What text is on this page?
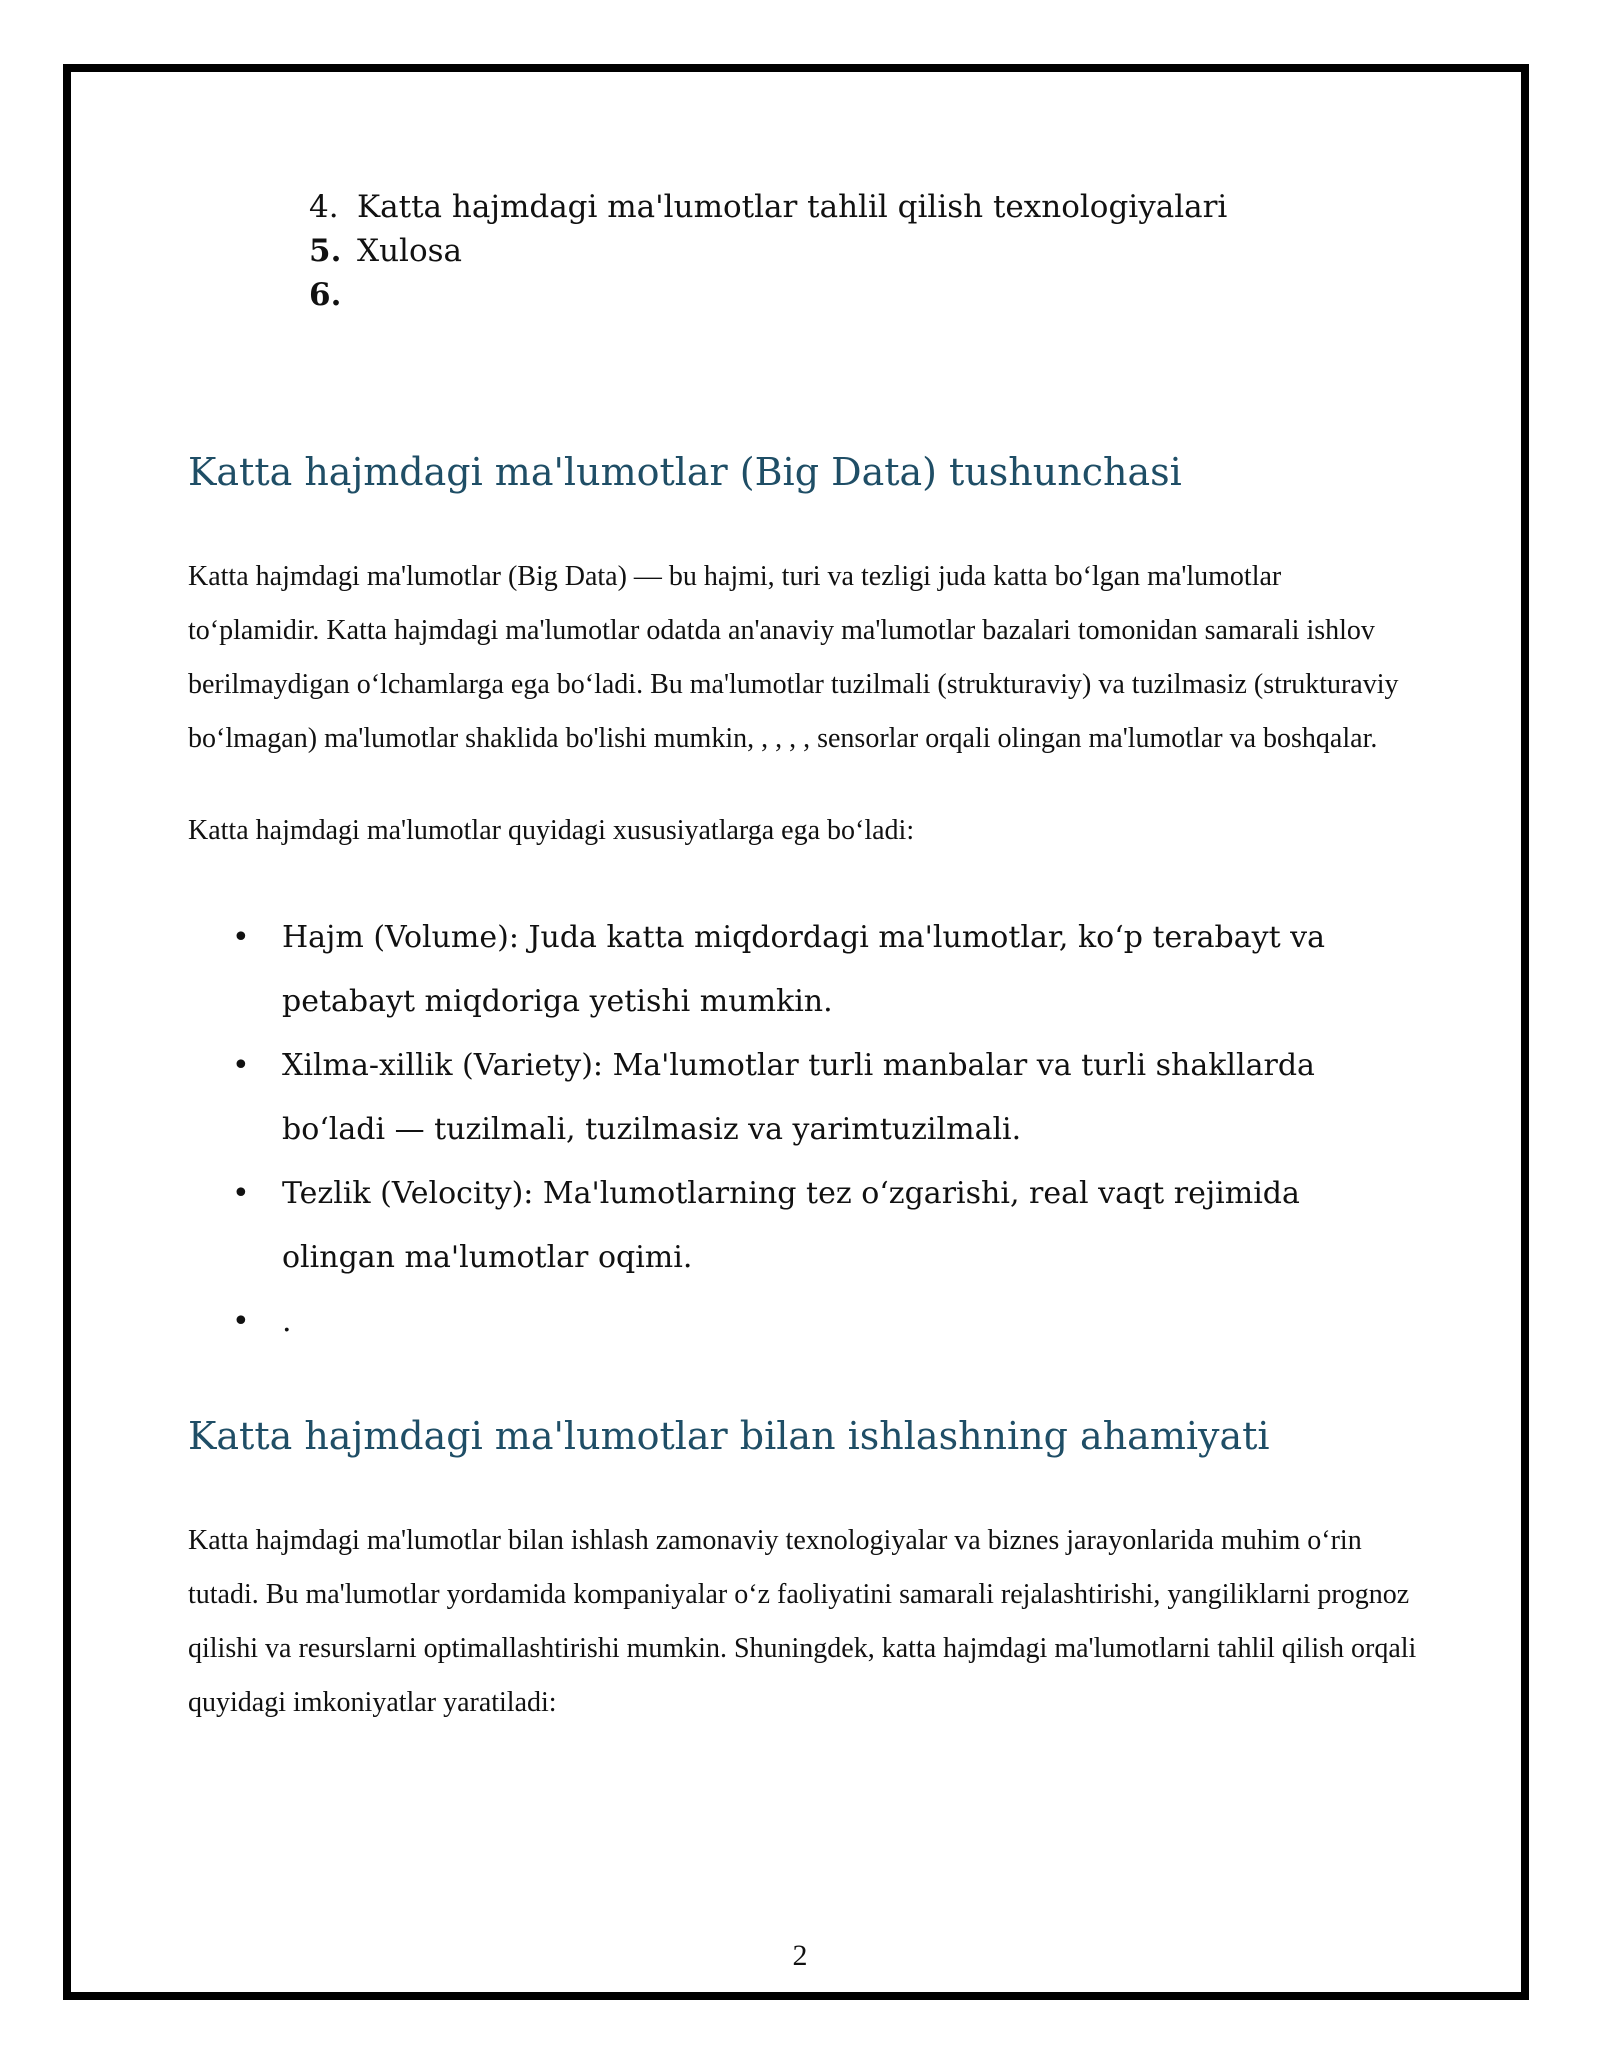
4. Katta hajmdagi ma'lumotlar tahlil qilish texnologiyalari
5. Xulosa
6.
Katta hajmdagi ma'lumotlar (Big Data) tushunchasi

Katta hajmdagi ma'lumotlar (Big Data) — bu hajmi, turi va tezligi juda katta bo‘lgan ma'lumotlar to‘plamidir. Katta hajmdagi ma'lumotlar odatda an'anaviy ma'lumotlar bazalari tomonidan samarali ishlov berilmaydigan o‘lchamlarga ega bo‘ladi. Bu ma'lumotlar tuzilmali (strukturaviy) va tuzilmasiz (strukturaviy bo‘lmagan) ma'lumotlar shaklida bo'lishi mumkin, , , , , sensorlar orqali olingan ma'lumotlar va boshqalar.

Katta hajmdagi ma'lumotlar quyidagi xususiyatlarga ega bo‘ladi:

• Hajm (Volume): Juda katta miqdordagi ma'lumotlar, ko‘p terabayt va petabayt miqdoriga yetishi mumkin.
• Xilma-xillik (Variety): Ma'lumotlar turli manbalar va turli shakllarda bo‘ladi — tuzilmali, tuzilmasiz va yarimtuzilmali.
• Tezlik (Velocity): Ma'lumotlarning tez o‘zgarishi, real vaqt rejimida olingan ma'lumotlar oqimi.
• .
Katta hajmdagi ma'lumotlar bilan ishlashning ahamiyati

Katta hajmdagi ma'lumotlar bilan ishlash zamonaviy texnologiyalar va biznes jarayonlarida muhim o‘rin tutadi. Bu ma'lumotlar yordamida kompaniyalar o‘z faoliyatini samarali rejalashtirishi, yangiliklarni prognoz qilishi va resurslarni optimallashtirishi mumkin. Shuningdek, katta hajmdagi ma'lumotlarni tahlil qilish orqali quyidagi imkoniyatlar yaratiladi:

2
